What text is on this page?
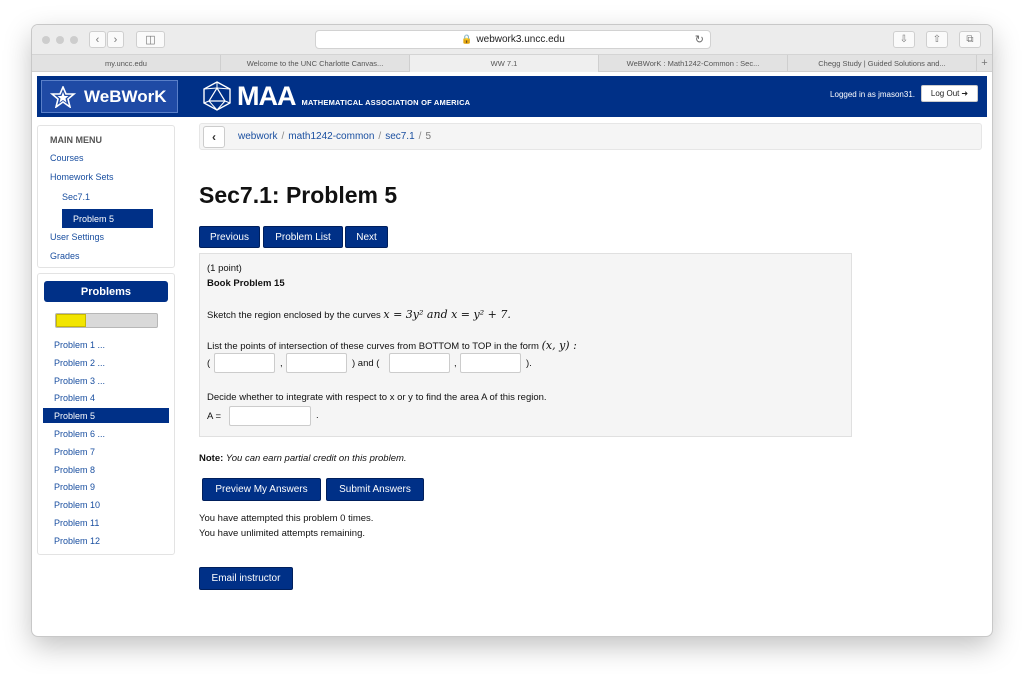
‹	›	◫	🔒 webwork3.uncc.edu	↻	⇩	⇧	⧉
my.uncc.edu	Welcome to the UNC Charlotte Canvas...	WW 7.1	WeBWorK : Math1242-Common : Sec...	Chegg Study | Guided Solutions and...	+
WeBWorK	MAA MATHEMATICAL ASSOCIATION OF AMERICA
Logged in as jmason31. Log Out ➜
MAIN MENU
Courses
Homework Sets
Sec7.1
Problem 5
User Settings
Grades
Problems
Problem 1 ...
Problem 2 ...
Problem 3 ...
Problem 4
Problem 5
Problem 6 ...
Problem 7
Problem 8
Problem 9
Problem 10
Problem 11
Problem 12
‹	webwork / math1242-common / sec7.1 / 5
Sec7.1: Problem 5
Previous	Problem List	Next
(1 point)
Book Problem 15
Sketch the region enclosed by the curves x = 3y² and x = y² + 7.
List the points of intersection of these curves from BOTTOM to TOP in the form (x, y) :
(	,	) and (	,	).
Decide whether to integrate with respect to x or y to find the area A of this region.
A =	.
Note: You can earn partial credit on this problem.
Preview My Answers	Submit Answers
You have attempted this problem 0 times.
You have unlimited attempts remaining.
Email instructor
